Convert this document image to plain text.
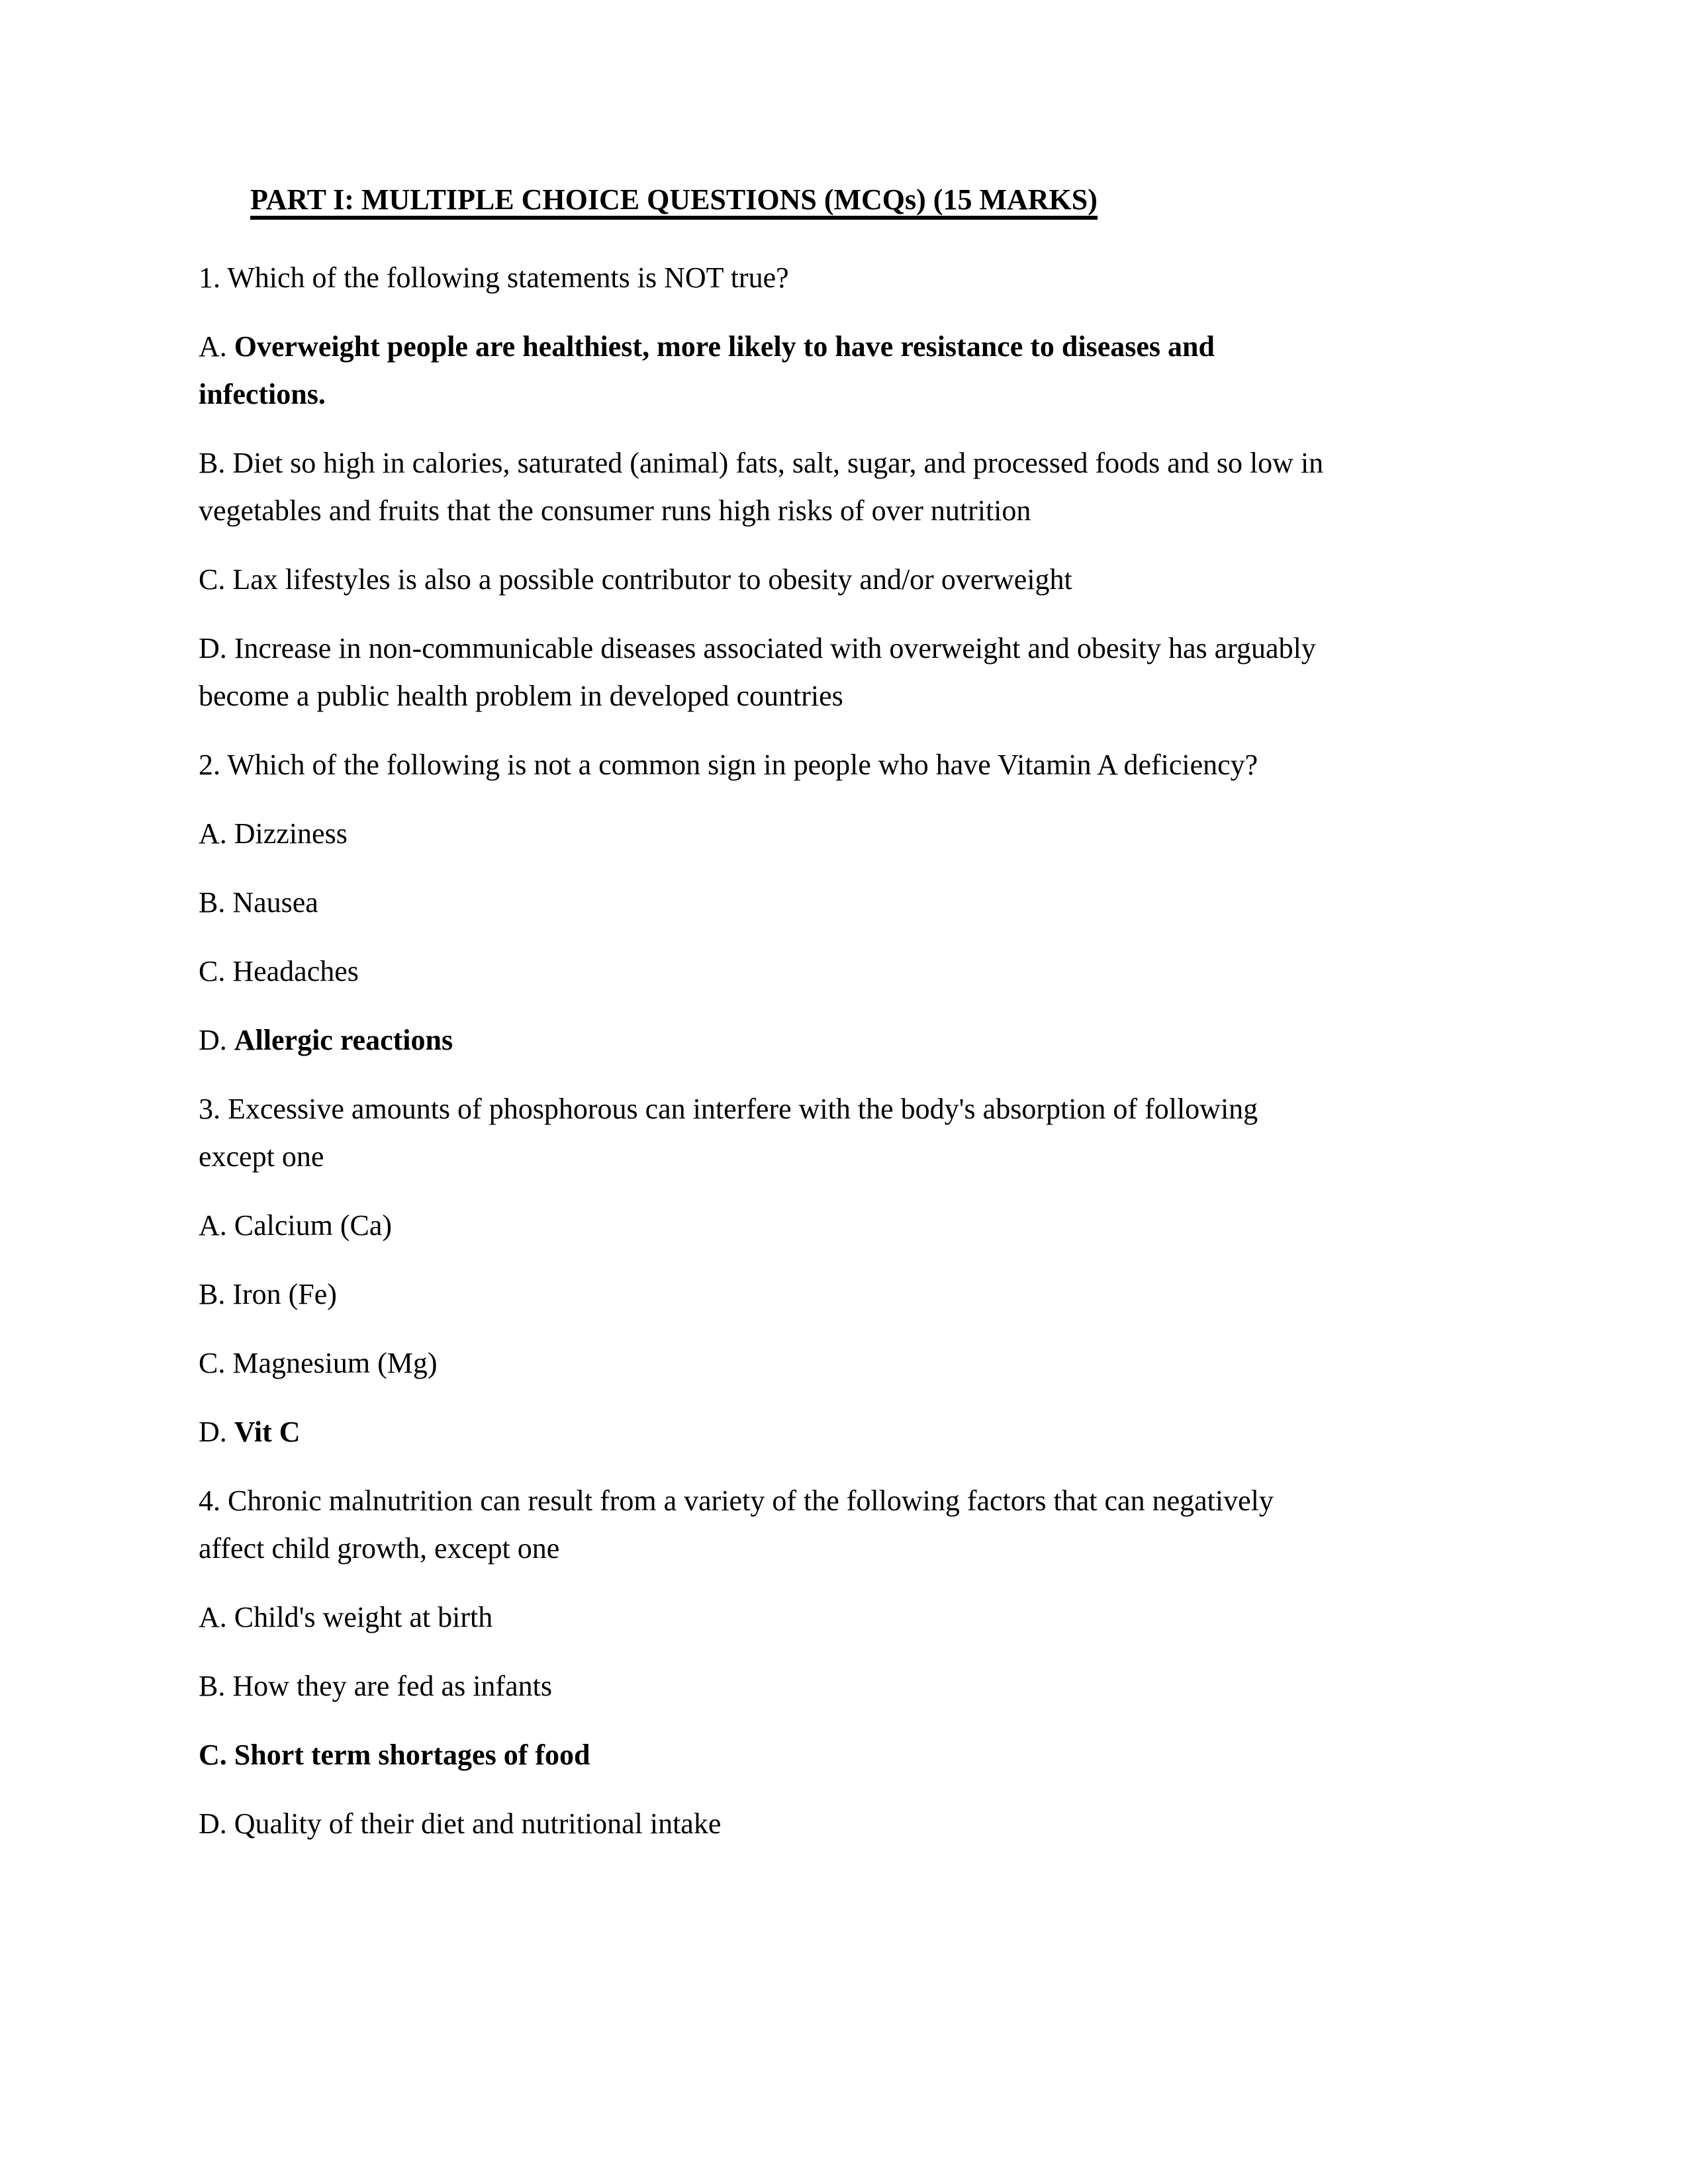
PART I: MULTIPLE CHOICE QUESTIONS (MCQs) (15 MARKS)

1. Which of the following statements is NOT true?

A. Overweight people are healthiest, more likely to have resistance to diseases and
infections.

B. Diet so high in calories, saturated (animal) fats, salt, sugar, and processed foods and so low in
vegetables and fruits that the consumer runs high risks of over nutrition

C. Lax lifestyles is also a possible contributor to obesity and/or overweight

D. Increase in non-communicable diseases associated with overweight and obesity has arguably
become a public health problem in developed countries

2. Which of the following is not a common sign in people who have Vitamin A deficiency?

A. Dizziness

B. Nausea

C. Headaches

D. Allergic reactions

3. Excessive amounts of phosphorous can interfere with the body's absorption of following
except one

A. Calcium (Ca)

B. Iron (Fe)

C. Magnesium (Mg)

D. Vit C

4. Chronic malnutrition can result from a variety of the following factors that can negatively
affect child growth, except one

A. Child's weight at birth

B. How they are fed as infants

C. Short term shortages of food

D. Quality of their diet and nutritional intake
